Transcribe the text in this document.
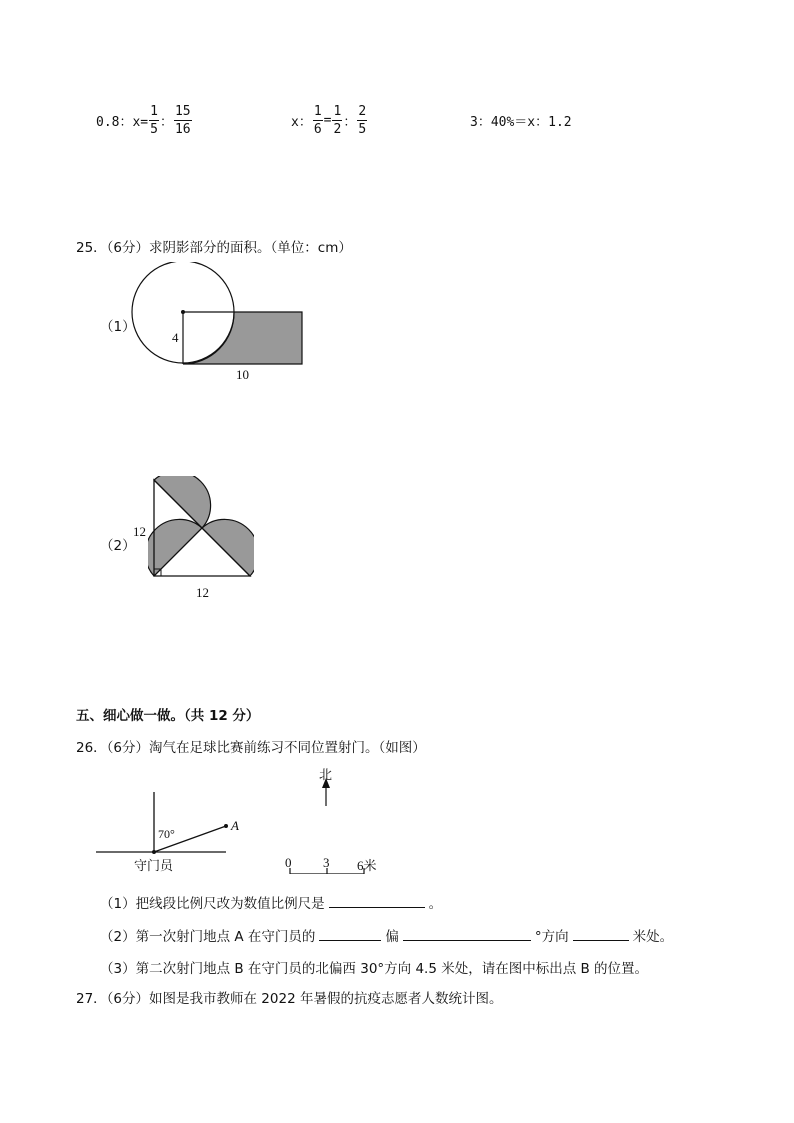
0.8：$x= \frac{1}{5}$ ： $\frac{15}{16}$	x： $\frac{1}{6} = \frac{1}{2}$ ： $\frac{2}{5}$	3：40%＝x：1.2
25．（6分）求阴影部分的面积。（单位：cm）
（1）
4
10
（2）
12
12
五、细心做一做。（共 12 分）
26．（6分）淘气在足球比赛前练习不同位置射门。（如图）
70°
A
守门员
北
0 3 6米
（1）把线段比例尺改为数值比例尺是	。
（2）第一次射门地点 A 在守门员的	偏	°方向	米处。
（3）第二次射门地点 B 在守门员的北偏西 30°方向 4.5 米处，请在图中标出点 B 的位置。
27．（6分）如图是我市教师在 2022 年暑假的抗疫志愿者人数统计图。
